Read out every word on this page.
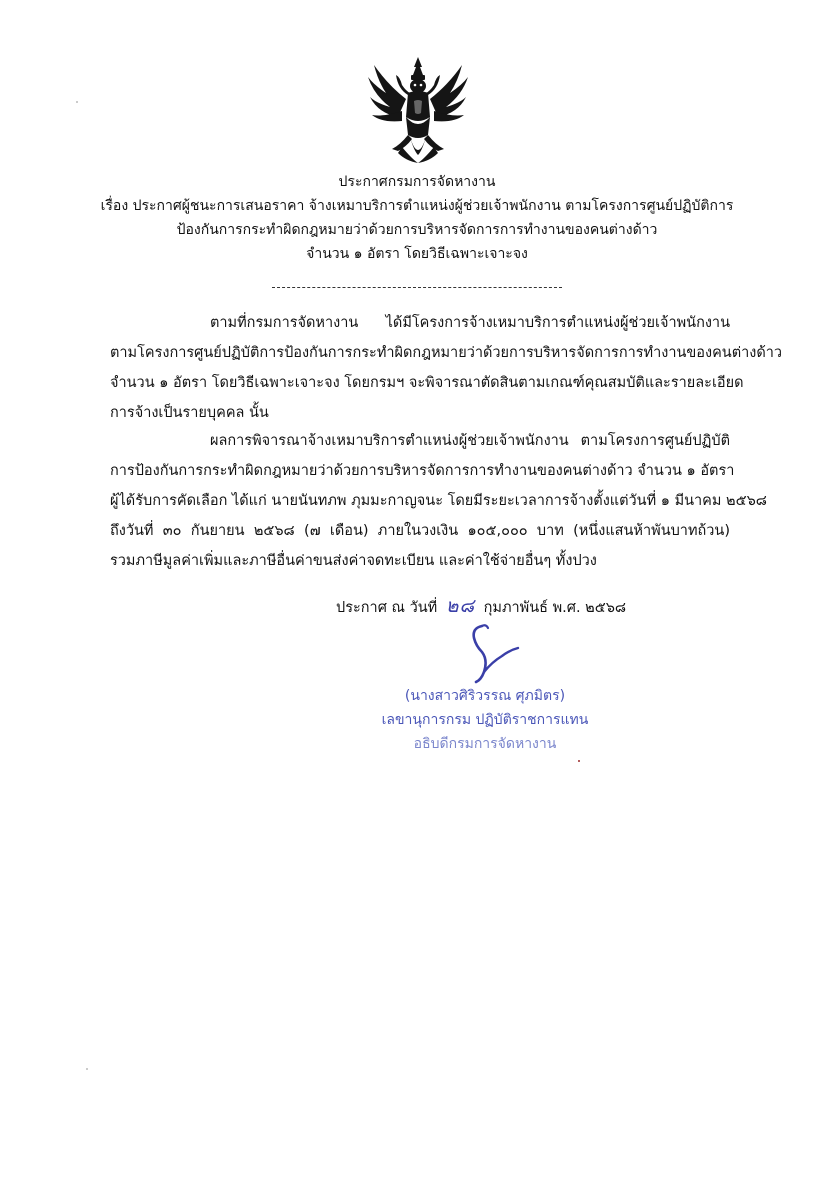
ประกาศกรมการจัดหางาน
เรื่อง ประกาศผู้ชนะการเสนอราคา จ้างเหมาบริการตำแหน่งผู้ช่วยเจ้าพนักงาน ตามโครงการศูนย์ปฏิบัติการ
ป้องกันการกระทำผิดกฎหมายว่าด้วยการบริหารจัดการการทำงานของคนต่างด้าว
จำนวน ๑ อัตรา โดยวิธีเฉพาะเจาะจง
ตามที่กรมการจัดหางาน ได้มีโครงการจ้างเหมาบริการตำแหน่งผู้ช่วยเจ้าพนักงาน
ตามโครงการศูนย์ปฏิบัติการป้องกันการกระทำผิดกฎหมายว่าด้วยการบริหารจัดการการทำงานของคนต่างด้าว
จำนวน ๑ อัตรา โดยวิธีเฉพาะเจาะจง โดยกรมฯ จะพิจารณาตัดสินตามเกณฑ์คุณสมบัติและรายละเอียด
การจ้างเป็นรายบุคคล นั้น
ผลการพิจารณาจ้างเหมาบริการตำแหน่งผู้ช่วยเจ้าพนักงาน ตามโครงการศูนย์ปฏิบัติ
การป้องกันการกระทำผิดกฎหมายว่าด้วยการบริหารจัดการการทำงานของคนต่างด้าว จำนวน ๑ อัตรา
ผู้ได้รับการคัดเลือก ได้แก่ นายนันทภพ ภุมมะกาญจนะ โดยมีระยะเวลาการจ้างตั้งแต่วันที่ ๑ มีนาคม ๒๕๖๘
ถึงวันที่ ๓๐ กันยายน ๒๕๖๘ (๗ เดือน) ภายในวงเงิน ๑๐๕,๐๐๐ บาท (หนึ่งแสนห้าพันบาทถ้วน)
รวมภาษีมูลค่าเพิ่มและภาษีอื่นค่าขนส่งค่าจดทะเบียน และค่าใช้จ่ายอื่นๆ ทั้งปวง
ประกาศ ณ วันที่ ๒๘ กุมภาพันธ์ พ.ศ. ๒๕๖๘
(นางสาวศิริวรรณ ศุภมิตร)
เลขานุการกรม ปฏิบัติราชการแทน
อธิบดีกรมการจัดหางาน
